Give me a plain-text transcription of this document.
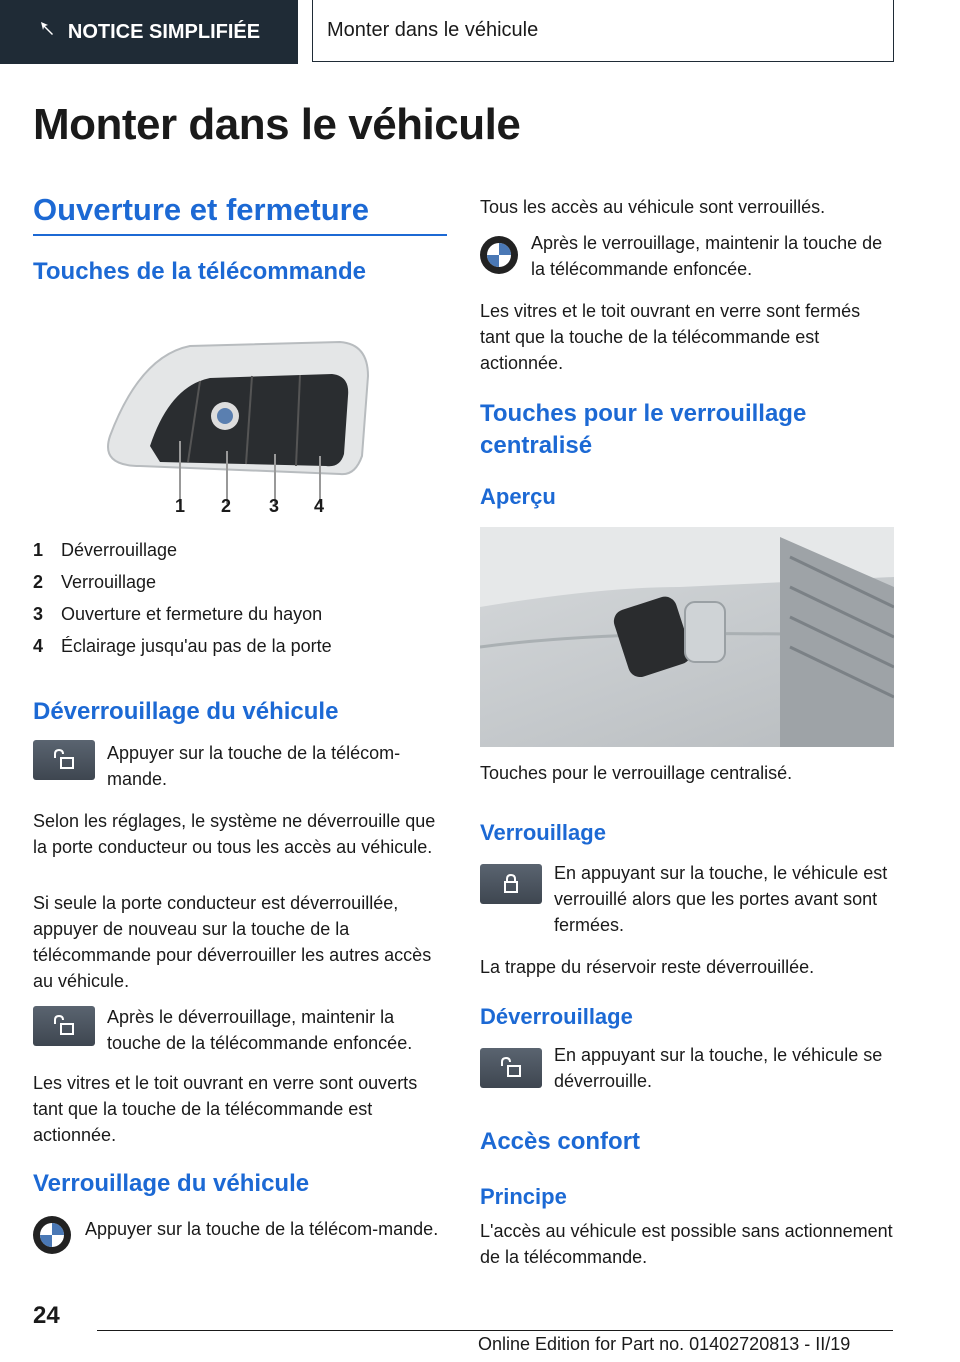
NOTICE SIMPLIFIÉE	Monter dans le véhicule
Monter dans le véhicule
Ouverture et fermeture
Touches de la télécommande
1 2 3 4
1 Déverrouillage
2 Verrouillage
3 Ouverture et fermeture du hayon
4 Éclairage jusqu'au pas de la porte
Déverrouillage du véhicule

Appuyer sur la touche de la télécom-mande.

Selon les réglages, le système ne déverrouille que la porte conducteur ou tous les accès au véhicule.

Si seule la porte conducteur est déverrouillée, appuyer de nouveau sur la touche de la télécommande pour déverrouiller les autres accès au véhicule.

Après le déverrouillage, maintenir la touche de la télécommande enfoncée.

Les vitres et le toit ouvrant en verre sont ouverts tant que la touche de la télécommande est actionnée.

Verrouillage du véhicule

Appuyer sur la touche de la télécom-mande.

Tous les accès au véhicule sont verrouillés.

Après le verrouillage, maintenir la touche de la télécommande enfoncée.

Les vitres et le toit ouvrant en verre sont fermés tant que la touche de la télécommande est actionnée.

Touches pour le verrouillage centralisé
Aperçu

Touches pour le verrouillage centralisé.

Verrouillage

En appuyant sur la touche, le véhicule est verrouillé alors que les portes avant sont fermées.

La trappe du réservoir reste déverrouillée.

Déverrouillage

En appuyant sur la touche, le véhicule se déverrouille.

Accès confort
Principe

L'accès au véhicule est possible sans actionnement de la télécommande.

24
Online Edition for Part no. 01402720813 - II/19
